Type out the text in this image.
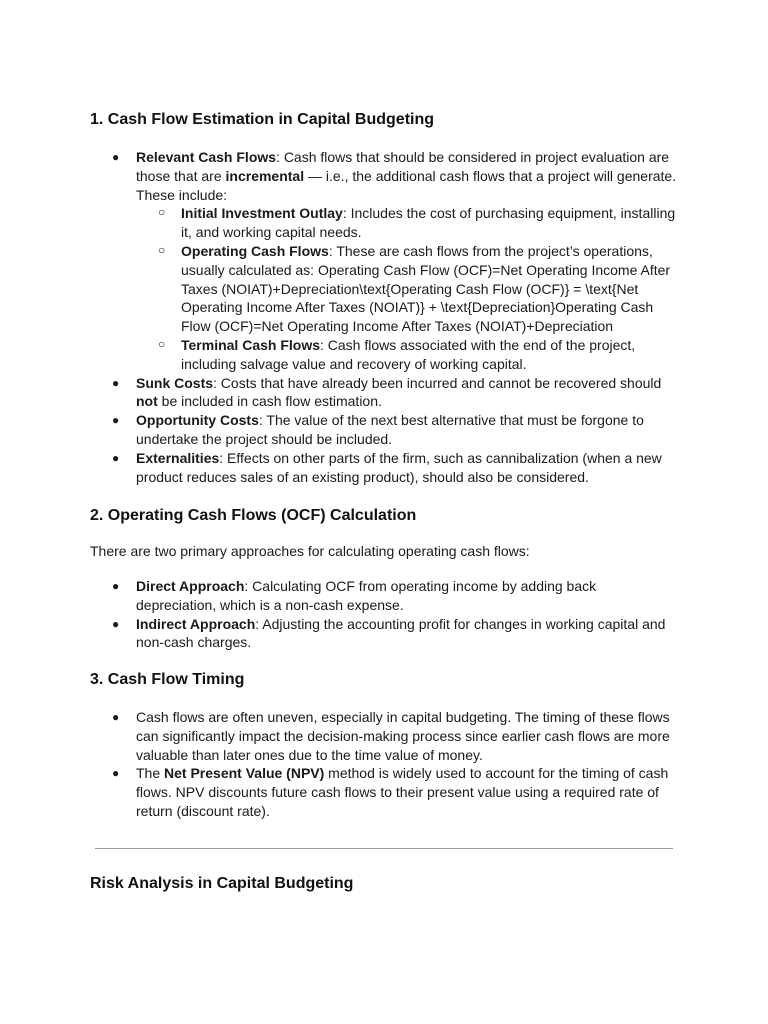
1. Cash Flow Estimation in Capital Budgeting
● Relevant Cash Flows: Cash flows that should be considered in project evaluation are those that are incremental — i.e., the additional cash flows that a project will generate. These include:
○ Initial Investment Outlay: Includes the cost of purchasing equipment, installing it, and working capital needs.
○ Operating Cash Flows: These are cash flows from the project’s operations, usually calculated as: Operating Cash Flow (OCF)=Net Operating Income After Taxes (NOIAT)+Depreciation\text{Operating Cash Flow (OCF)} = \text{Net Operating Income After Taxes (NOIAT)} + \text{Depreciation}Operating Cash Flow (OCF)=Net Operating Income After Taxes (NOIAT)+Depreciation
○ Terminal Cash Flows: Cash flows associated with the end of the project, including salvage value and recovery of working capital.
● Sunk Costs: Costs that have already been incurred and cannot be recovered should not be included in cash flow estimation.
● Opportunity Costs: The value of the next best alternative that must be forgone to undertake the project should be included.
● Externalities: Effects on other parts of the firm, such as cannibalization (when a new product reduces sales of an existing product), should also be considered.
2. Operating Cash Flows (OCF) Calculation

There are two primary approaches for calculating operating cash flows:

● Direct Approach: Calculating OCF from operating income by adding back depreciation, which is a non-cash expense.
● Indirect Approach: Adjusting the accounting profit for changes in working capital and non-cash charges.
3. Cash Flow Timing
● Cash flows are often uneven, especially in capital budgeting. The timing of these flows can significantly impact the decision-making process since earlier cash flows are more valuable than later ones due to the time value of money.
● The Net Present Value (NPV) method is widely used to account for the timing of cash flows. NPV discounts future cash flows to their present value using a required rate of return (discount rate).
Risk Analysis in Capital Budgeting
